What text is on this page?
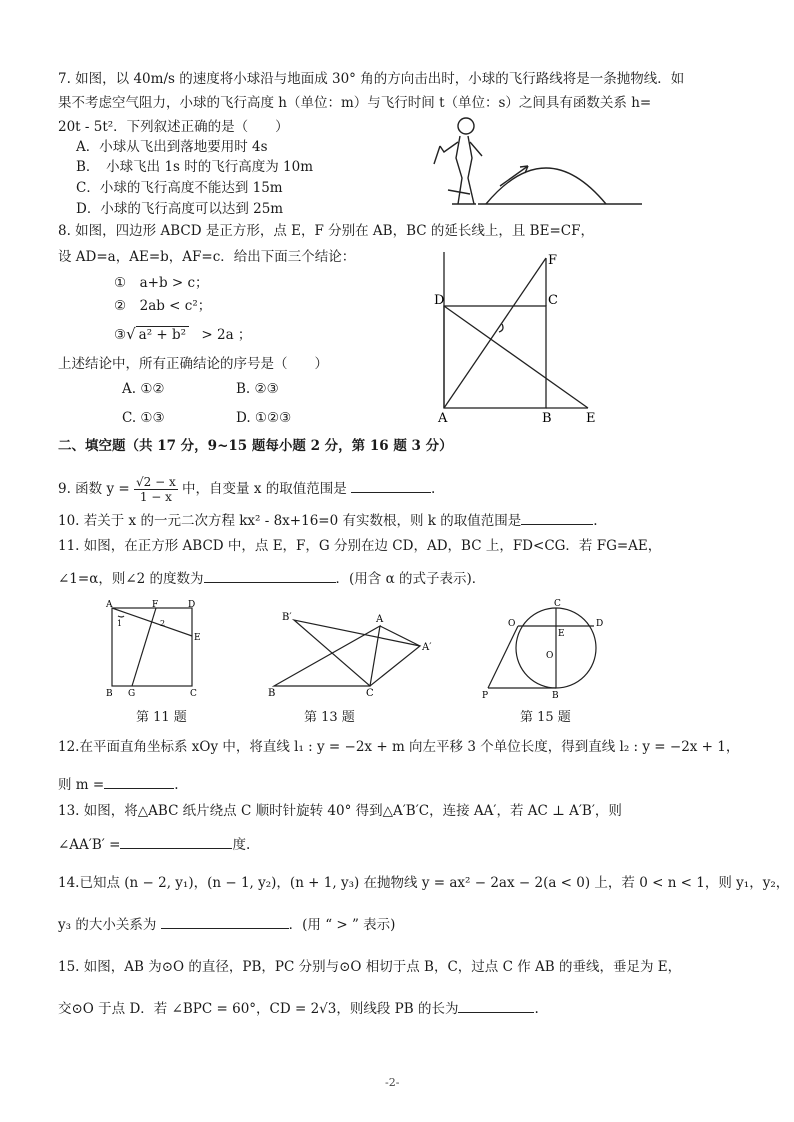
7. 如图，以 40m/s 的速度将小球沿与地面成 30° 角的方向击出时，小球的飞行路线将是一条抛物线．如
果不考虑空气阻力，小球的飞行高度 h（单位：m）与飞行时间 t（单位：s）之间具有函数关系 h=
20t - 5t²．下列叙述正确的是（　　）
A．小球从飞出到落地要用时 4s
B．　小球飞出 1s 时的飞行高度为 10m
C．小球的飞行高度不能达到 15m
D．小球的飞行高度可以达到 25m
8. 如图，四边形 ABCD 是正方形，点 E，F 分别在 AB，BC 的延长线上，且 BE=CF，
设 AD=a，AE=b，AF=c．给出下面三个结论：
①　a+b > c；
②　2ab < c²；
③√ a² + b² > 2a ；
上述结论中，所有正确结论的序号是（　　）
A. ①②	B. ②③
C. ①③	D. ①②③
D	C
F
A	B	E
二、填空题（共 17 分，9~15 题每小题 2 分，第 16 题 3 分）
9. 函数 $y = \frac{√2 - x}{1 - x}$ 中，自变量 x 的取值范围是	.
10. 若关于 x 的一元二次方程 kx² - 8x+16=0 有实数根，则 k 的取值范围是	.
11. 如图，在正方形 ABCD 中，点 E，F，G 分别在边 CD，AD，BC 上，FD<CG．若 FG=AE，
∠1=α，则∠2 的度数为	．(用含 α 的式子表示)．
A	F	D
E
B G	C
1	2
第 11 题
B′	A
A′
B	C
第 13 题
O
C
E
D
O
P	B
第 15 题
12.在平面直角坐标系 xOy 中，将直线 l₁ : y = −2x + m 向左平移 3 个单位长度，得到直线 l₂ : y = −2x + 1，
则 m =	.
13. 如图，将△ABC 纸片绕点 C 顺时针旋转 40° 得到△A′B′C，连接 AA′，若 AC ⊥ A′B′，则
∠AA′B′ =	度.
14.已知点 (n − 2, y₁)，(n − 1, y₂)，(n + 1, y₃) 在抛物线 y = ax² − 2ax − 2(a < 0) 上，若 0 < n < 1，则 y₁，y₂，
y₃ 的大小关系为	．(用 “ > ” 表示)
15. 如图，AB 为⊙O 的直径，PB，PC 分别与⊙O 相切于点 B，C，过点 C 作 AB 的垂线，垂足为 E，
交⊙O 于点 D．若 ∠BPC = 60°，CD = 2√3，则线段 PB 的长为	.
-2-
